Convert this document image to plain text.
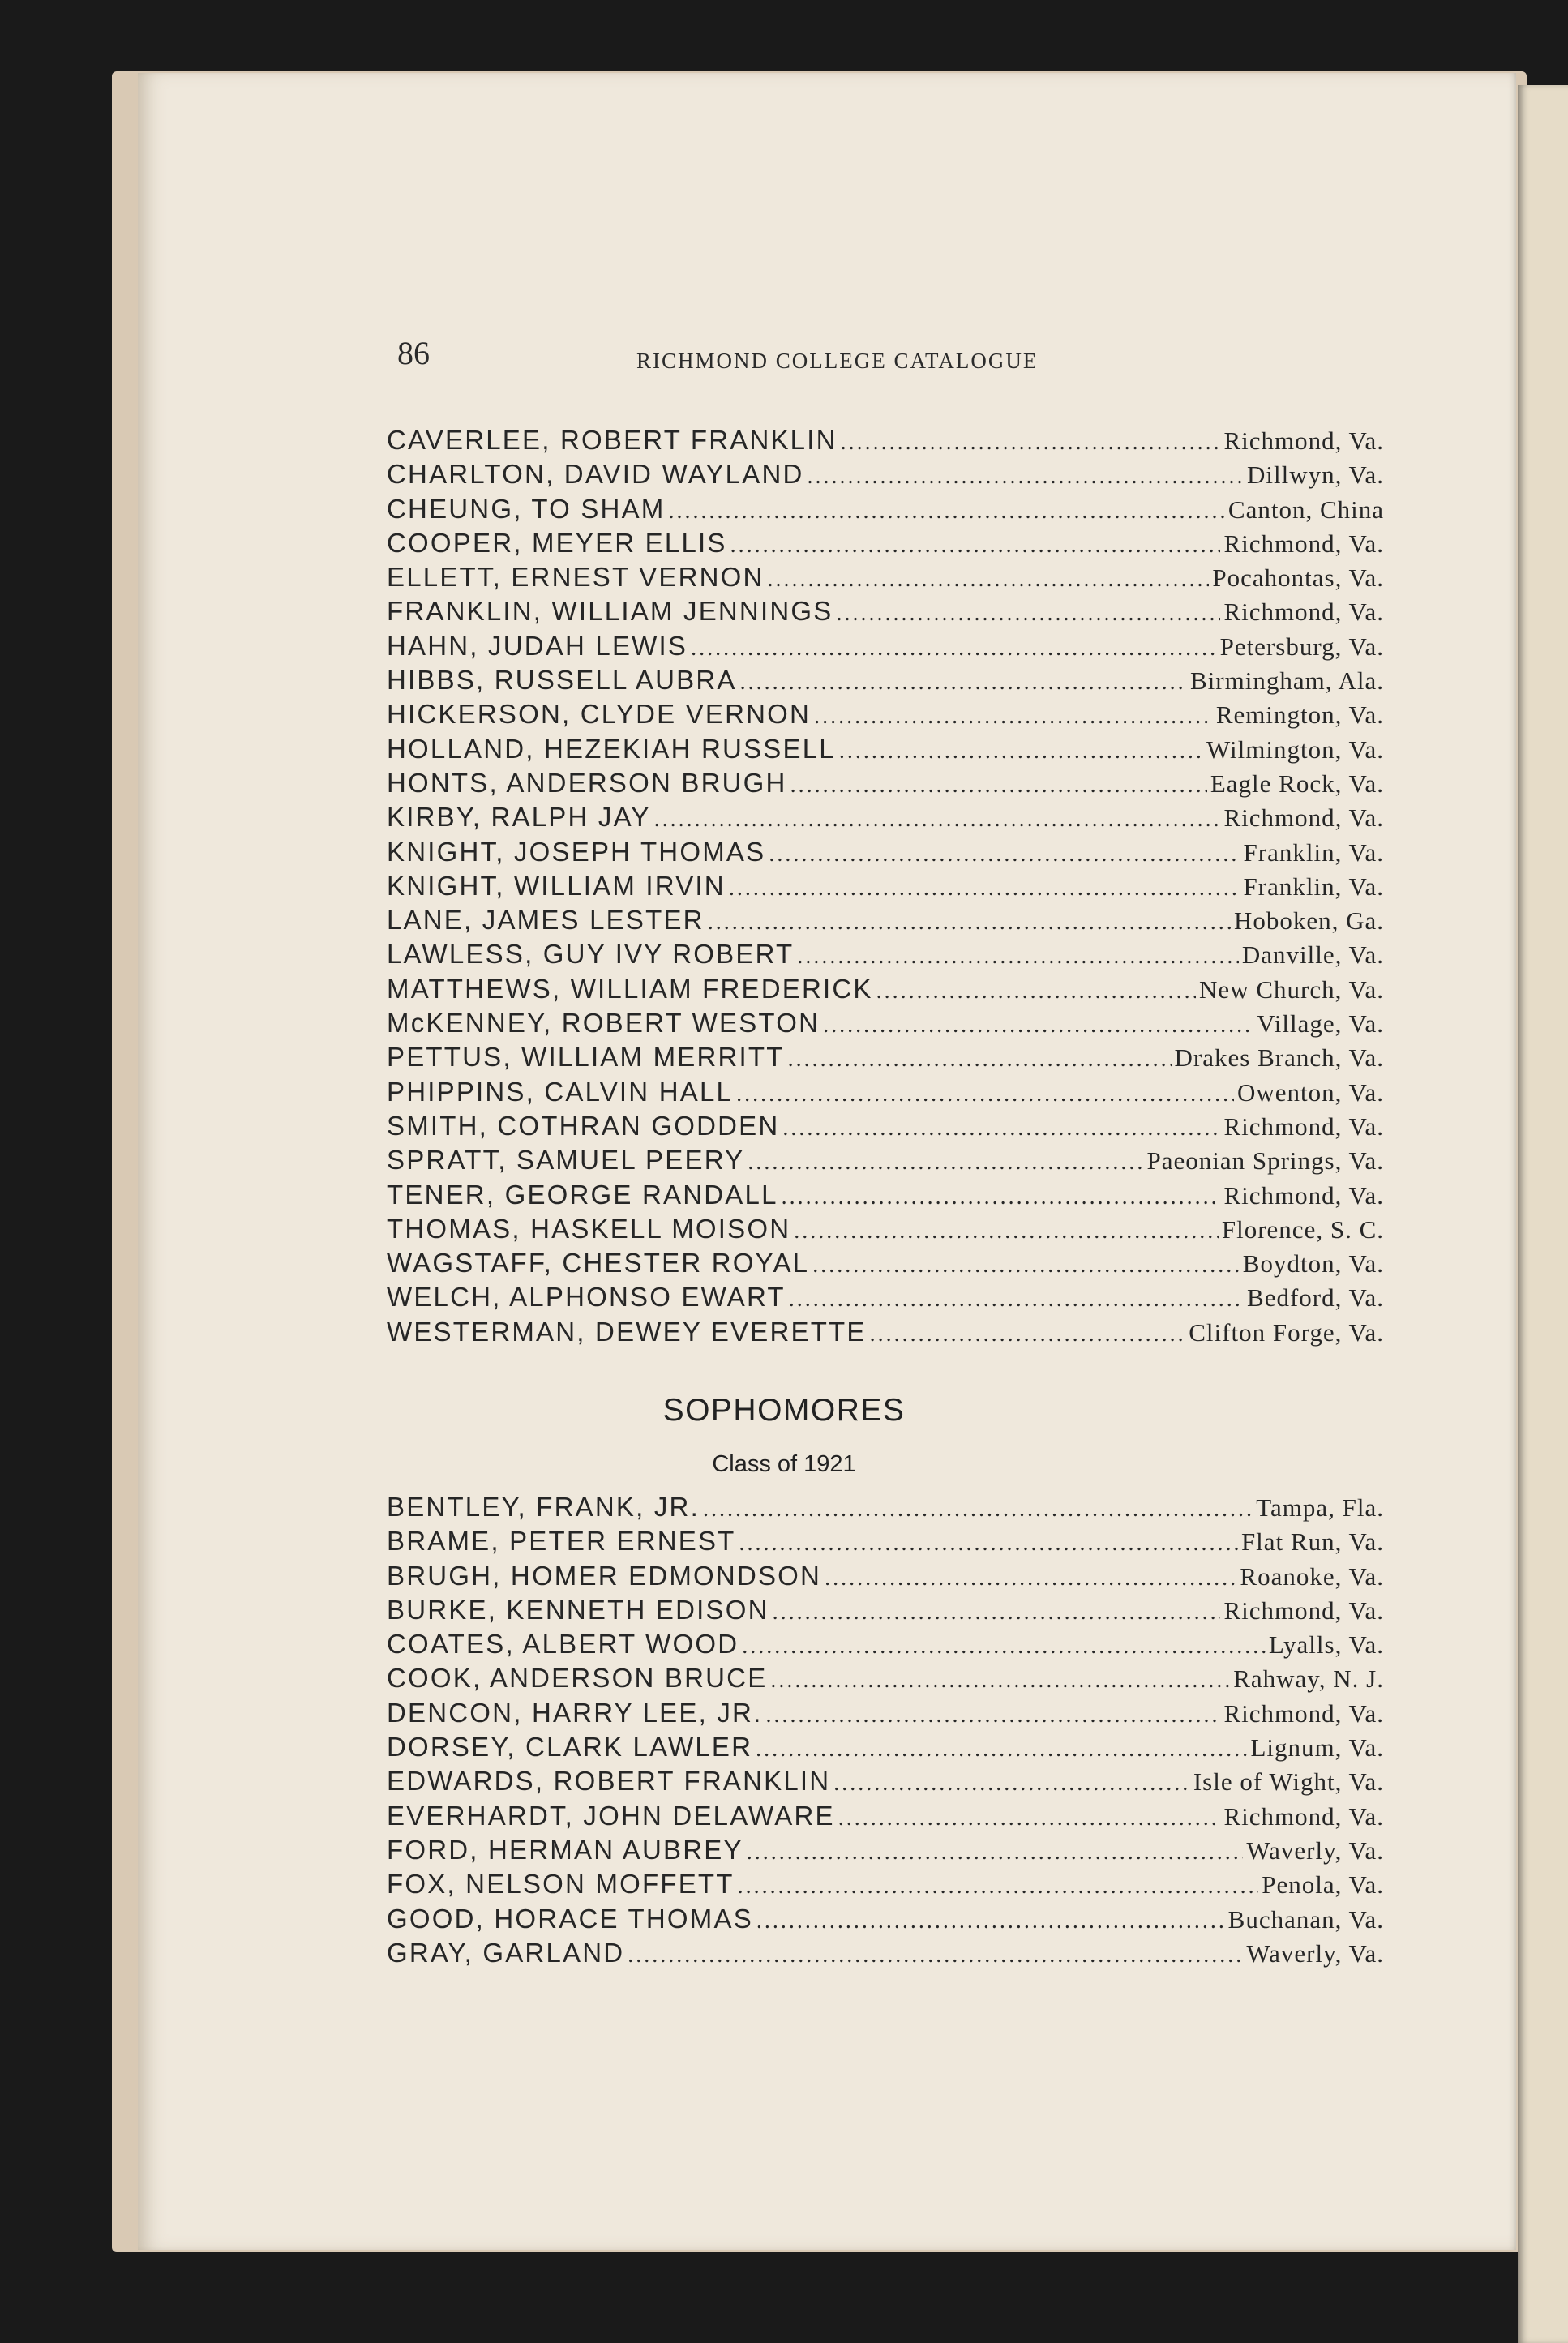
86	RICHMOND COLLEGE CATALOGUE
CAVERLEE, ROBERT FRANKLIN .....	Richmond, Va.
CHARLTON, DAVID WAYLAND .....	Dillwyn, Va.
CHEUNG, TO SHAM .....	Canton, China
COOPER, MEYER ELLIS .....	Richmond, Va.
ELLETT, ERNEST VERNON .....	Pocahontas, Va.
FRANKLIN, WILLIAM JENNINGS .....	Richmond, Va.
HAHN, JUDAH LEWIS .....	Petersburg, Va.
HIBBS, RUSSELL AUBRA .....	Birmingham, Ala.
HICKERSON, CLYDE VERNON .....	Remington, Va.
HOLLAND, HEZEKIAH RUSSELL .....	Wilmington, Va.
HONTS, ANDERSON BRUGH .....	Eagle Rock, Va.
KIRBY, RALPH JAY .....	Richmond, Va.
KNIGHT, JOSEPH THOMAS .....	Franklin, Va.
KNIGHT, WILLIAM IRVIN .....	Franklin, Va.
LANE, JAMES LESTER .....	Hoboken, Ga.
LAWLESS, GUY IVY ROBERT .....	Danville, Va.
MATTHEWS, WILLIAM FREDERICK .....	New Church, Va.
McKENNEY, ROBERT WESTON .....	Village, Va.
PETTUS, WILLIAM MERRITT .....	Drakes Branch, Va.
PHIPPINS, CALVIN HALL .....	Owenton, Va.
SMITH, COTHRAN GODDEN .....	Richmond, Va.
SPRATT, SAMUEL PEERY .....	Paeonian Springs, Va.
TENER, GEORGE RANDALL .....	Richmond, Va.
THOMAS, HASKELL MOISON .....	Florence, S. C.
WAGSTAFF, CHESTER ROYAL .....	Boydton, Va.
WELCH, ALPHONSO EWART .....	Bedford, Va.
WESTERMAN, DEWEY EVERETTE .....	Clifton Forge, Va.
SOPHOMORES
Class of 1921
BENTLEY, FRANK, JR. .....	Tampa, Fla.
BRAME, PETER ERNEST .....	Flat Run, Va.
BRUGH, HOMER EDMONDSON .....	Roanoke, Va.
BURKE, KENNETH EDISON .....	Richmond, Va.
COATES, ALBERT WOOD .....	Lyalls, Va.
COOK, ANDERSON BRUCE .....	Rahway, N. J.
DENCON, HARRY LEE, JR. .....	Richmond, Va.
DORSEY, CLARK LAWLER .....	Lignum, Va.
EDWARDS, ROBERT FRANKLIN .....	Isle of Wight, Va.
EVERHARDT, JOHN DELAWARE .....	Richmond, Va.
FORD, HERMAN AUBREY .....	Waverly, Va.
FOX, NELSON MOFFETT .....	Penola, Va.
GOOD, HORACE THOMAS .....	Buchanan, Va.
GRAY, GARLAND .....	Waverly, Va.
